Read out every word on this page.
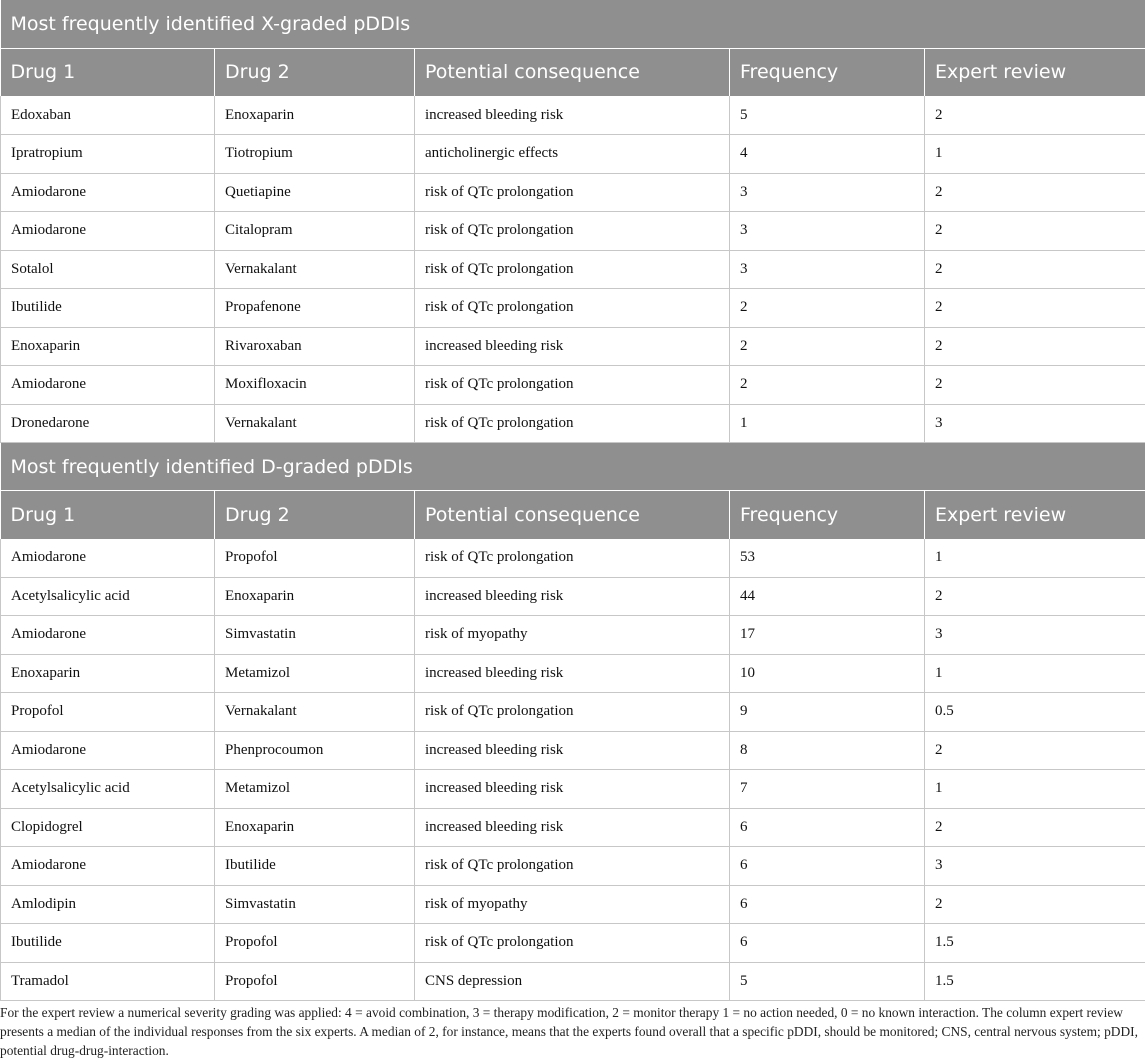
Most frequently identified X-graded pDDIs				
Drug 1	Drug 2	Potential consequence	Frequency	Expert review
Edoxaban	Enoxaparin	increased bleeding risk	5	2
Ipratropium	Tiotropium	anticholinergic effects	4	1
Amiodarone	Quetiapine	risk of QTc prolongation	3	2
Amiodarone	Citalopram	risk of QTc prolongation	3	2
Sotalol	Vernakalant	risk of QTc prolongation	3	2
Ibutilide	Propafenone	risk of QTc prolongation	2	2
Enoxaparin	Rivaroxaban	increased bleeding risk	2	2
Amiodarone	Moxifloxacin	risk of QTc prolongation	2	2
Dronedarone	Vernakalant	risk of QTc prolongation	1	3
Most frequently identified D-graded pDDIs				
Drug 1	Drug 2	Potential consequence	Frequency	Expert review
Amiodarone	Propofol	risk of QTc prolongation	53	1
Acetylsalicylic acid	Enoxaparin	increased bleeding risk	44	2
Amiodarone	Simvastatin	risk of myopathy	17	3
Enoxaparin	Metamizol	increased bleeding risk	10	1
Propofol	Vernakalant	risk of QTc prolongation	9	0.5
Amiodarone	Phenprocoumon	increased bleeding risk	8	2
Acetylsalicylic acid	Metamizol	increased bleeding risk	7	1
Clopidogrel	Enoxaparin	increased bleeding risk	6	2
Amiodarone	Ibutilide	risk of QTc prolongation	6	3
Amlodipin	Simvastatin	risk of myopathy	6	2
Ibutilide	Propofol	risk of QTc prolongation	6	1.5
Tramadol	Propofol	CNS depression	5	1.5

For the expert review a numerical severity grading was applied: 4 = avoid combination, 3 = therapy modification, 2 = monitor therapy 1 = no action needed, 0 = no known interaction. The column expert review presents a median of the individual responses from the six experts. A median of 2, for instance, means that the experts found overall that a specific pDDI, should be monitored; CNS, central nervous system; pDDI, potential drug-drug-interaction.
